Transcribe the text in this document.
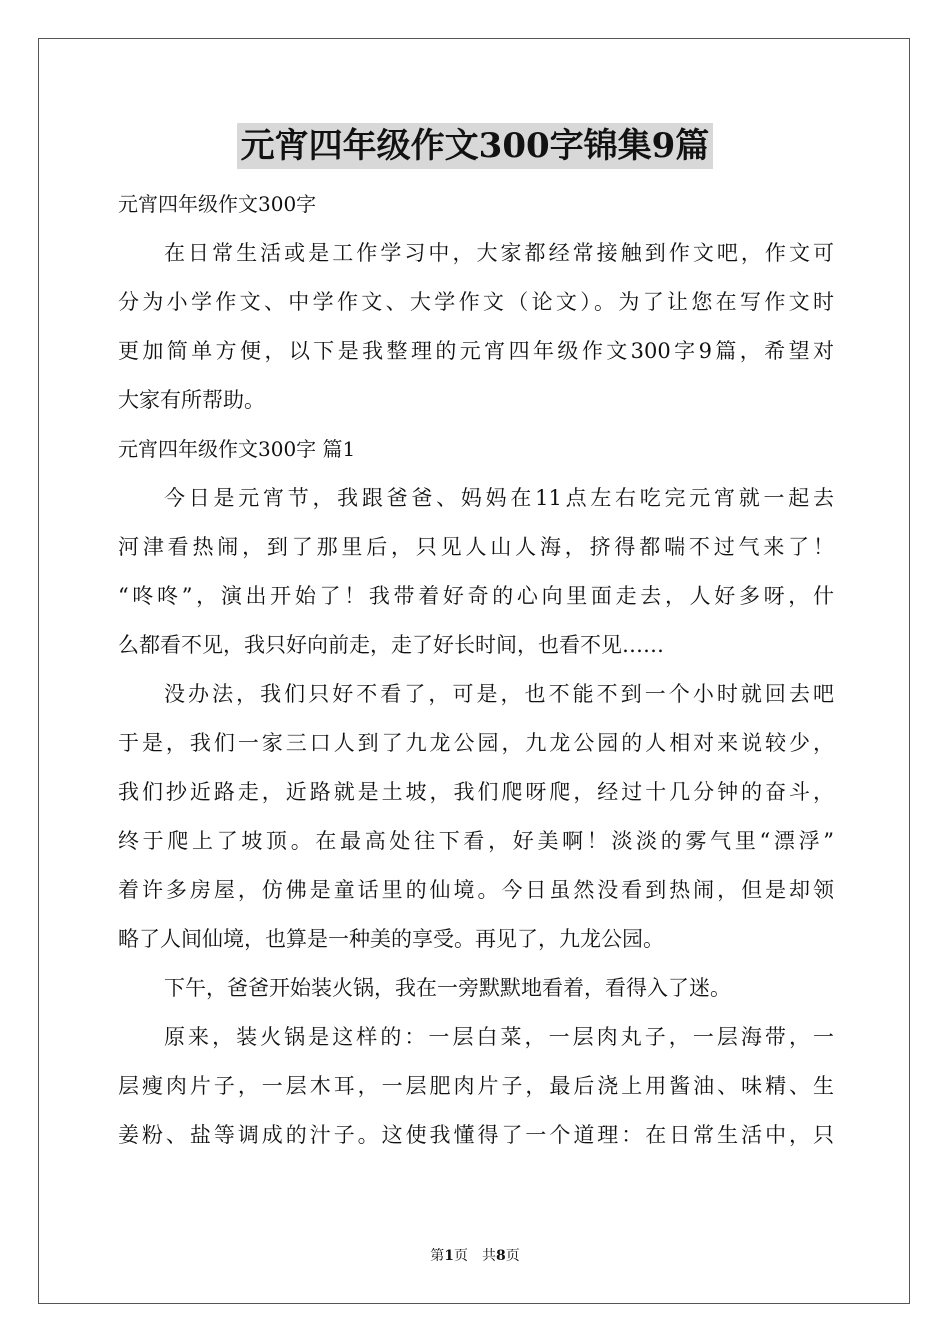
元宵四年级作文300字锦集9篇
元宵四年级作文300字
在日常生活或是工作学习中，大家都经常接触到作文吧，作文可
分为小学作文、中学作文、大学作文（论文）。为了让您在写作文时
更加简单方便，以下是我整理的元宵四年级作文300字9篇，希望对
大家有所帮助。
元宵四年级作文300字 篇1
今日是元宵节，我跟爸爸、妈妈在11点左右吃完元宵就一起去
河津看热闹，到了那里后，只见人山人海，挤得都喘不过气来了！
“咚咚”，演出开始了！我带着好奇的心向里面走去，人好多呀，什
么都看不见，我只好向前走，走了好长时间，也看不见……
没办法，我们只好不看了，可是，也不能不到一个小时就回去吧
于是，我们一家三口人到了九龙公园，九龙公园的人相对来说较少，
我们抄近路走，近路就是土坡，我们爬呀爬，经过十几分钟的奋斗，
终于爬上了坡顶。在最高处往下看，好美啊！淡淡的雾气里“漂浮”
着许多房屋，仿佛是童话里的仙境。今日虽然没看到热闹，但是却领
略了人间仙境，也算是一种美的享受。再见了，九龙公园。
下午，爸爸开始装火锅，我在一旁默默地看着，看得入了迷。
原来，装火锅是这样的：一层白菜，一层肉丸子，一层海带，一
层瘦肉片子，一层木耳，一层肥肉片子，最后浇上用酱油、味精、生
姜粉、盐等调成的汁子。这使我懂得了一个道理：在日常生活中，只
第1页 共8页
